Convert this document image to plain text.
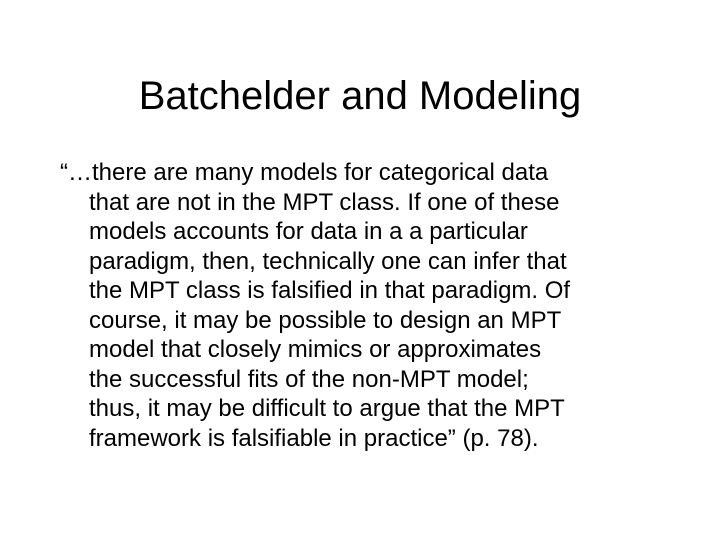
Batchelder and Modeling

“…there are many models for categorical data
that are not in the MPT class. If one of these
models accounts for data in a a particular
paradigm, then, technically one can infer that
the MPT class is falsified in that paradigm. Of
course, it may be possible to design an MPT
model that closely mimics or approximates
the successful fits of the non-MPT model;
thus, it may be difficult to argue that the MPT
framework is falsifiable in practice” (p. 78).
